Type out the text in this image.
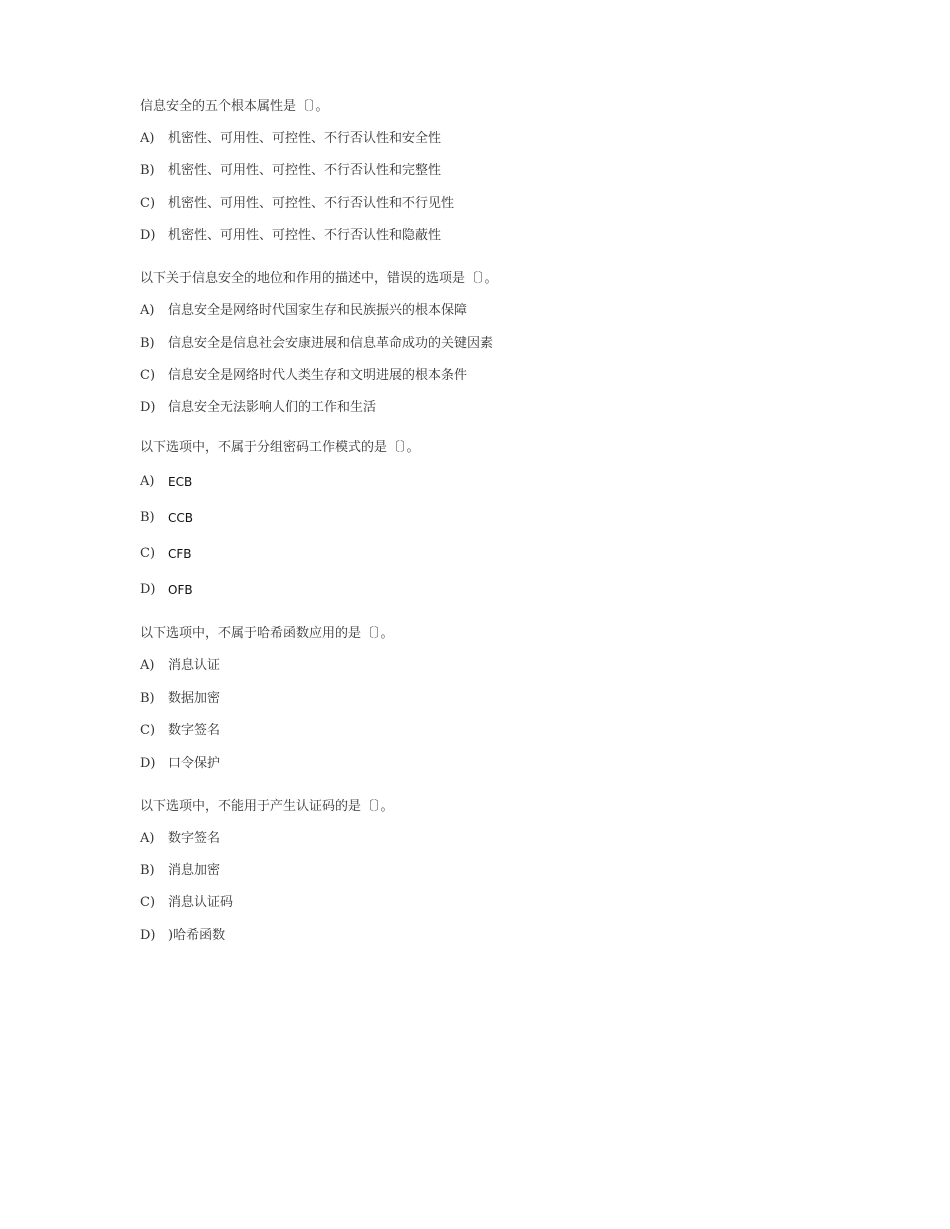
信息安全的五个根本属性是〔〕。

A)	机密性、可用性、可控性、不行否认性和安全性
B)	机密性、可用性、可控性、不行否认性和完整性
C) 机密性、可用性、可控性、不行否认性和不行见性
D) 机密性、可用性、可控性、不行否认性和隐蔽性

以下关于信息安全的地位和作用的描述中，错误的选项是〔〕。

A)	信息安全是网络时代国家生存和民族振兴的根本保障
B)	信息安全是信息社会安康进展和信息革命成功的关键因素
C) 信息安全是网络时代人类生存和文明进展的根本条件
D) 信息安全无法影响人们的工作和生活

以下选项中，不属于分组密码工作模式的是〔〕。

A)	ECB
B)	CCB
C)	CFB
D)	OFB

以下选项中，不属于哈希函数应用的是〔〕。

A)	消息认证
B)	数据加密
C) 数字签名
D) 口令保护

以下选项中，不能用于产生认证码的是〔〕。

A)	数字签名
B)	消息加密
C) 消息认证码
D) )哈希函数
